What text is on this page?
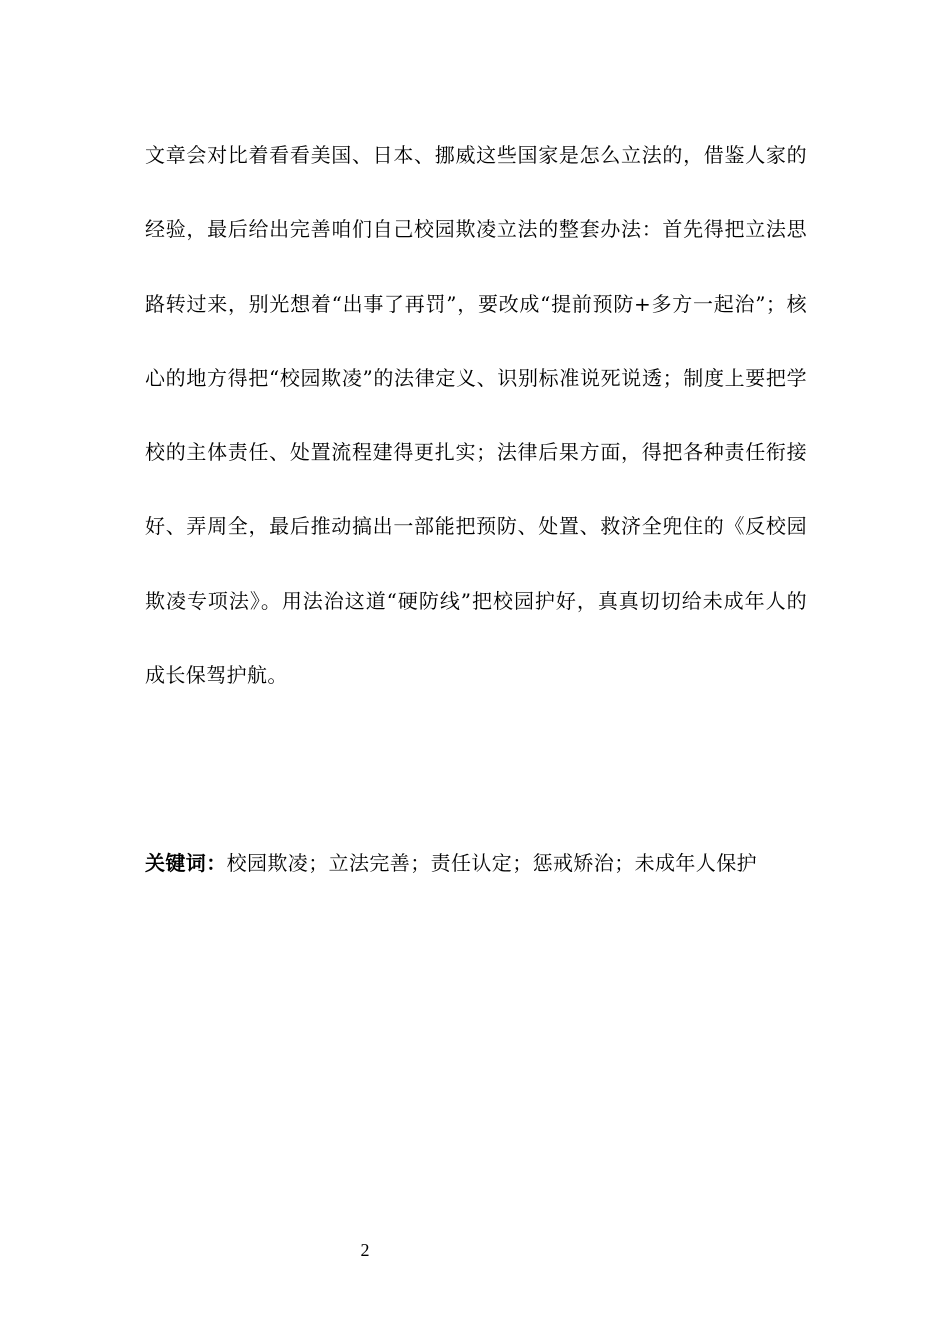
文章会对比着看看美国、日本、挪威这些国家是怎么立法的，借鉴人家的经验，最后给出完善咱们自己校园欺凌立法的整套办法：首先得把立法思路转过来，别光想着“出事了再罚”，要改成“提前预防+多方一起治”；核心的地方得把“校园欺凌”的法律定义、识别标准说死说透；制度上要把学校的主体责任、处置流程建得更扎实；法律后果方面，得把各种责任衔接好、弄周全，最后推动搞出一部能把预防、处置、救济全兜住的《反校园欺凌专项法》。用法治这道“硬防线”把校园护好，真真切切给未成年人的成长保驾护航。

关键词：校园欺凌；立法完善；责任认定；惩戒矫治；未成年人保护

2
